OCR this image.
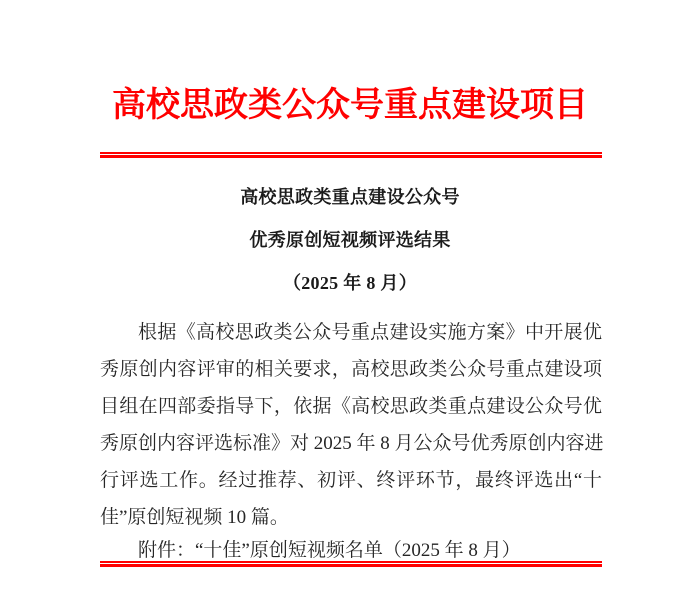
高校思政类公众号重点建设项目
高校思政类重点建设公众号
优秀原创短视频评选结果
（2025 年 8 月）
根据《高校思政类公众号重点建设实施方案》中开展优
秀原创内容评审的相关要求，高校思政类公众号重点建设项
目组在四部委指导下，依据《高校思政类重点建设公众号优
秀原创内容评选标准》对 2025 年 8 月公众号优秀原创内容进
行评选工作。经过推荐、初评、终评环节，最终评选出“十
佳”原创短视频 10 篇。
附件：“十佳”原创短视频名单（2025 年 8 月）
